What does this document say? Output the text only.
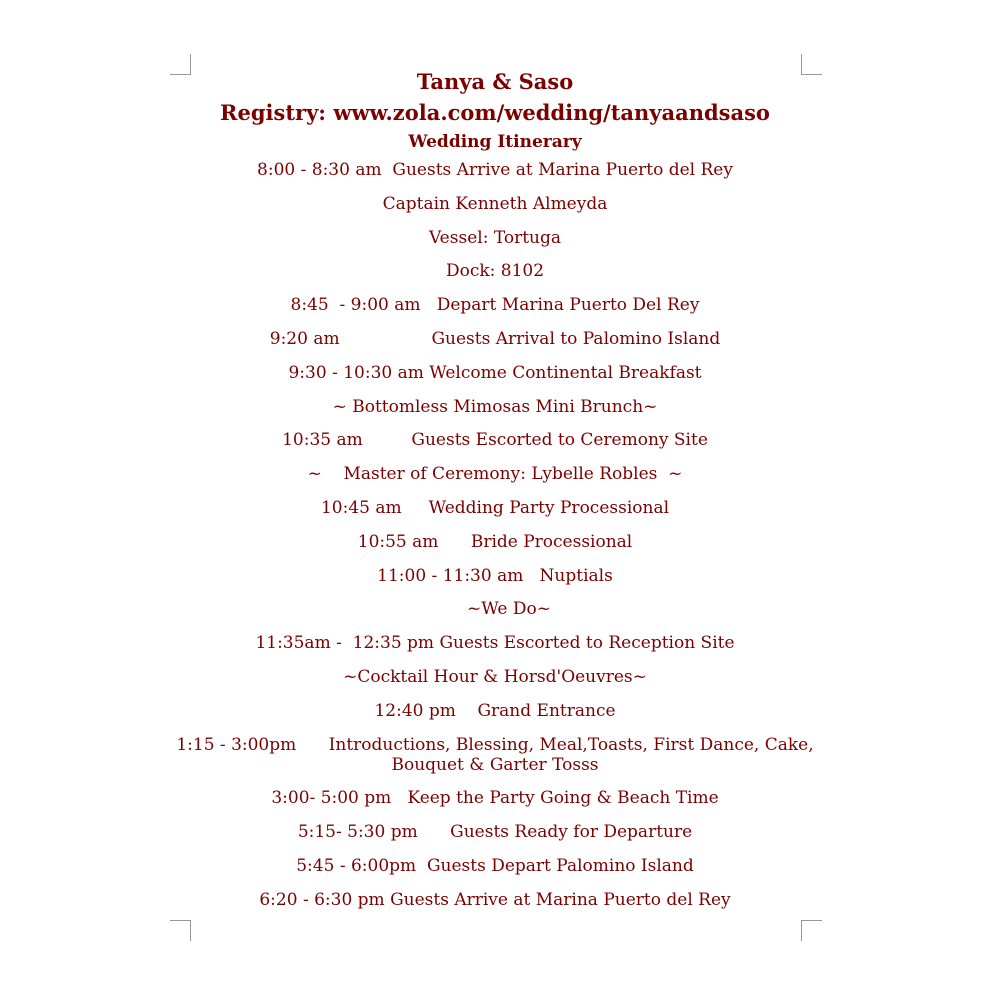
Tanya & Saso
Registry: www.zola.com/wedding/tanyaandsaso
Wedding Itinerary
8:00 - 8:30 am  Guests Arrive at Marina Puerto del Rey
Captain Kenneth Almeyda
Vessel: Tortuga
Dock: 8102
8:45  - 9:00 am   Depart Marina Puerto Del Rey
9:20 am                 Guests Arrival to Palomino Island
9:30 - 10:30 am Welcome Continental Breakfast
~ Bottomless Mimosas Mini Brunch~
10:35 am         Guests Escorted to Ceremony Site
~    Master of Ceremony: Lybelle Robles  ~
10:45 am     Wedding Party Processional
10:55 am      Bride Processional
11:00 - 11:30 am   Nuptials
~We Do~
11:35am -  12:35 pm Guests Escorted to Reception Site
~Cocktail Hour & Horsd'Oeuvres~
12:40 pm    Grand Entrance
1:15 - 3:00pm      Introductions, Blessing, Meal,Toasts, First Dance, Cake, Bouquet & Garter Tosss
3:00- 5:00 pm   Keep the Party Going & Beach Time
5:15- 5:30 pm      Guests Ready for Departure
5:45 - 6:00pm  Guests Depart Palomino Island
6:20 - 6:30 pm Guests Arrive at Marina Puerto del Rey
